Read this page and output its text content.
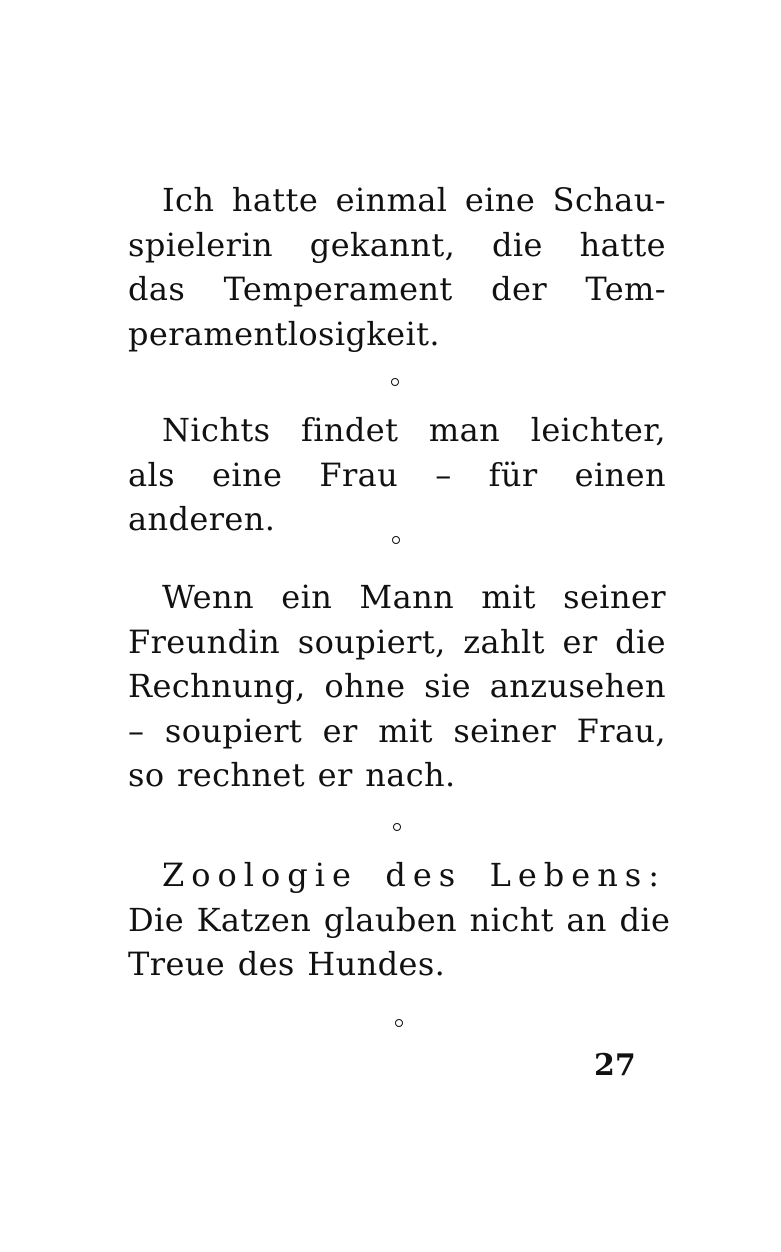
Ich hatte einmal eine Schau-
spielerin gekannt, die hatte
das Temperament der Tem-
peramentlosigkeit.
Nichts findet man leichter,
als eine Frau – für einen
anderen.
Wenn ein Mann mit seiner
Freundin soupiert, zahlt er die
Rechnung, ohne sie anzusehen
– soupiert er mit seiner Frau,
so rechnet er nach.
Zoologie des Lebens:
Die Katzen glauben nicht an die
Treue des Hundes.
27
